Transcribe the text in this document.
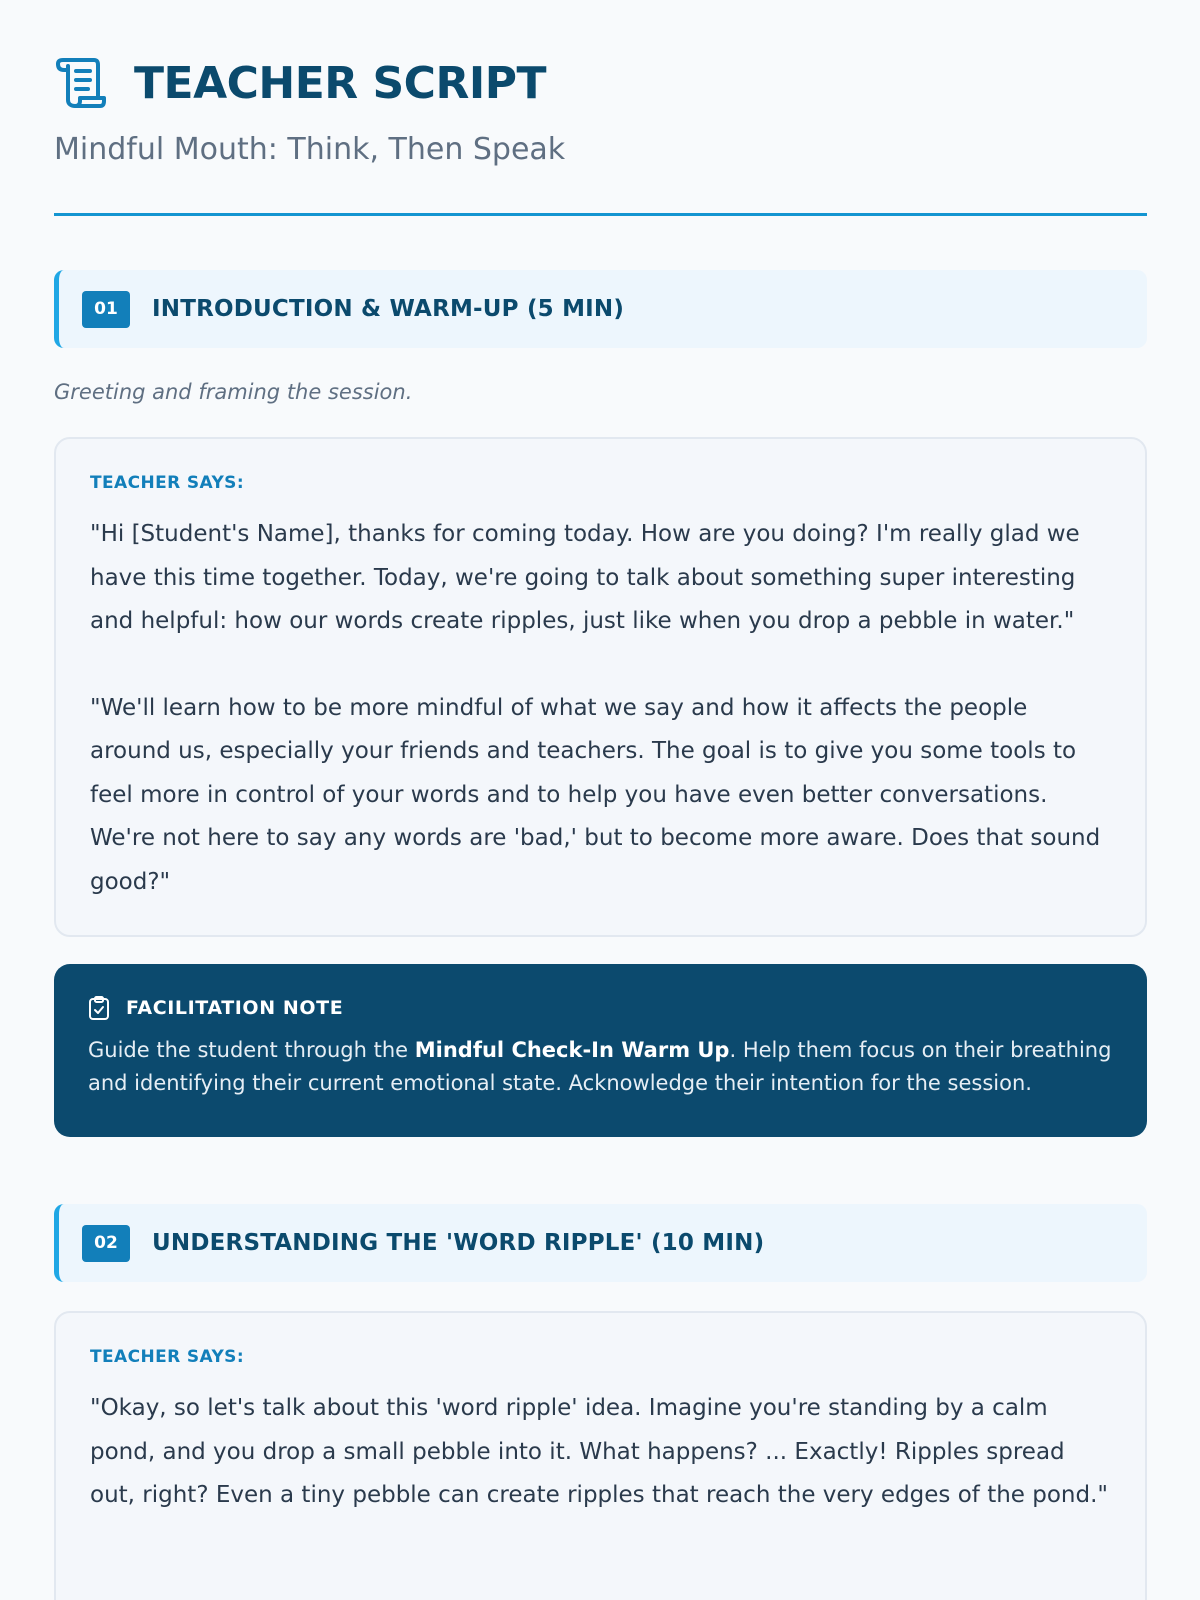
TEACHER SCRIPT
Mindful Mouth: Think, Then Speak
01	INTRODUCTION & WARM-UP (5 MIN)
Greeting and framing the session.
TEACHER SAYS:

"Hi [Student's Name], thanks for coming today. How are you doing? I'm really glad we have this time together. Today, we're going to talk about something super interesting and helpful: how our words create ripples, just like when you drop a pebble in water."

"We'll learn how to be more mindful of what we say and how it affects the people around us, especially your friends and teachers. The goal is to give you some tools to feel more in control of your words and to help you have even better conversations. We're not here to say any words are 'bad,' but to become more aware. Does that sound good?"

FACILITATION NOTE
Guide the student through the Mindful Check-In Warm Up. Help them focus on their breathing and identifying their current emotional state. Acknowledge their intention for the session.
02	UNDERSTANDING THE 'WORD RIPPLE' (10 MIN)
TEACHER SAYS:

"Okay, so let's talk about this 'word ripple' idea. Imagine you're standing by a calm pond, and you drop a small pebble into it. What happens? ... Exactly! Ripples spread out, right? Even a tiny pebble can create ripples that reach the very edges of the pond."
